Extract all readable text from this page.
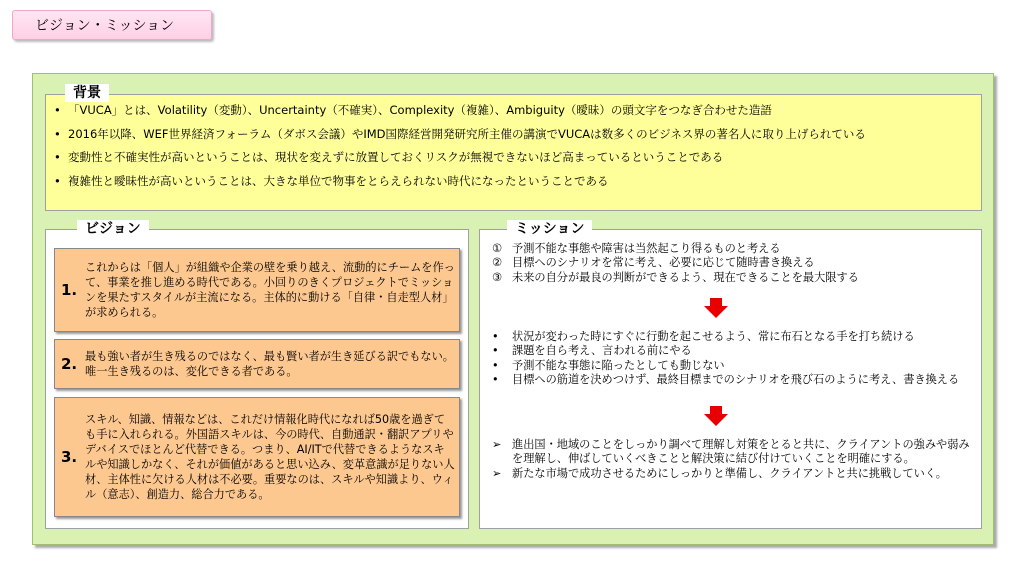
ビジョン・ミッション
• 「VUCA」とは、Volatility（変動）、Uncertainty（不確実）、Complexity（複雑）、Ambiguity（曖昧）の頭文字をつなぎ合わせた造語
• 2016年以降、WEF世界経済フォーラム（ダボス会議）やIMD国際経営開発研究所主催の講演でVUCAは数多くのビジネス界の著名人に取り上げられている
• 変動性と不確実性が高いということは、現状を変えずに放置しておくリスクが無視できないほど高まっているということである
• 複雑性と曖昧性が高いということは、大きな単位で物事をとらえられない時代になったということである
背景
1.
これからは「個人」が組織や企業の壁を乗り越え、流動的にチームを作って、事業を推し進める時代である。小回りのきくプロジェクトでミッションを果たすスタイルが主流になる。主体的に動ける「自律・自走型人材」が求められる。
2. 最も強い者が生き残るのではなく、最も賢い者が生き延びる訳でもない。唯一生き残るのは、変化できる者である。
3.
スキル、知識、情報などは、これだけ情報化時代になれば50歳を過ぎても手に入れられる。外国語スキルは、今の時代、自動通訳・翻訳アプリやデバイスでほとんど代替できる。つまり、AI/ITで代替できるようなスキルや知識しかなく、それが価値があると思い込み、変革意識が足りない人材、主体性に欠ける人材は不必要。重要なのは、スキルや知識より、ウィル（意志）、創造力、総合力である。
ビジョン
① 予測不能な事態や障害は当然起こり得るものと考える
② 目標へのシナリオを常に考え、必要に応じて随時書き換える
③ 未来の自分が最良の判断ができるよう、現在できることを最大限する
• 状況が変わった時にすぐに行動を起こせるよう、常に布石となる手を打ち続ける
• 課題を自ら考え、言われる前にやる
• 予測不能な事態に陥ったとしても動じない
• 目標への筋道を決めつけず、最終目標までのシナリオを飛び石のように考え、書き換える
➢ 進出国・地域のことをしっかり調べて理解し対策をとると共に、クライアントの強みや弱みを理解し、伸ばしていくべきことと解決策に結び付けていくことを明確にする。
➢ 新たな市場で成功させるためにしっかりと準備し、クライアントと共に挑戦していく。
ミッション
